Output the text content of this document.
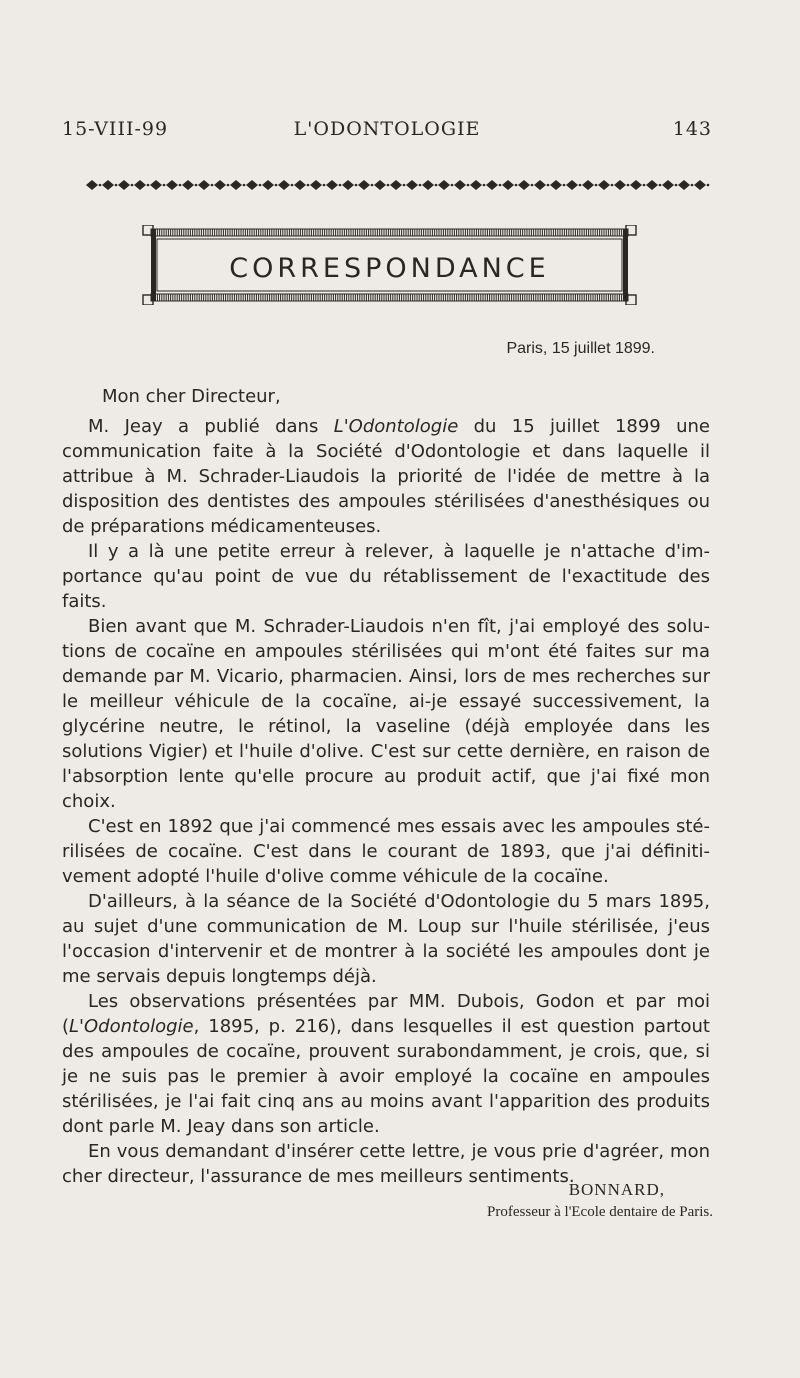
15-VIII-99	L'ODONTOLOGIE	143
CORRESPONDANCE
Paris, 15 juillet 1899.

Mon cher Directeur,

M. Jeay a publié dans L'Odontologie du 15 juillet 1899 une communication faite à la Société d'Odontologie et dans laquelle il attribue à M. Schrader-Liaudois la priorité de l'idée de mettre à la disposition des dentistes des ampoules stérilisées d'anesthésiques ou de préparations médicamenteuses.

Il y a là une petite erreur à relever, à laquelle je n'attache d'importance qu'au point de vue du rétablissement de l'exactitude des faits.

Bien avant que M. Schrader-Liaudois n'en fît, j'ai employé des solutions de cocaïne en ampoules stérilisées qui m'ont été faites sur ma demande par M. Vicario, pharmacien. Ainsi, lors de mes recherches sur le meilleur véhicule de la cocaïne, ai-je essayé successivement, la glycérine neutre, le rétinol, la vaseline (déjà employée dans les solutions Vigier) et l'huile d'olive. C'est sur cette dernière, en raison de l'absorption lente qu'elle procure au produit actif, que j'ai fixé mon choix.

C'est en 1892 que j'ai commencé mes essais avec les ampoules stérilisées de cocaïne. C'est dans le courant de 1893, que j'ai définitivement adopté l'huile d'olive comme véhicule de la cocaïne.

D'ailleurs, à la séance de la Société d'Odontologie du 5 mars 1895, au sujet d'une communication de M. Loup sur l'huile stérilisée, j'eus l'occasion d'intervenir et de montrer à la société les ampoules dont je me servais depuis longtemps déjà.

Les observations présentées par MM. Dubois, Godon et par moi (L'Odontologie, 1895, p. 216), dans lesquelles il est question partout des ampoules de cocaïne, prouvent surabondamment, je crois, que, si je ne suis pas le premier à avoir employé la cocaïne en ampoules stérilisées, je l'ai fait cinq ans au moins avant l'apparition des produits dont parle M. Jeay dans son article.

En vous demandant d'insérer cette lettre, je vous prie d'agréer, mon cher directeur, l'assurance de mes meilleurs sentiments.

BONNARD,
Professeur à l'Ecole dentaire de Paris.
